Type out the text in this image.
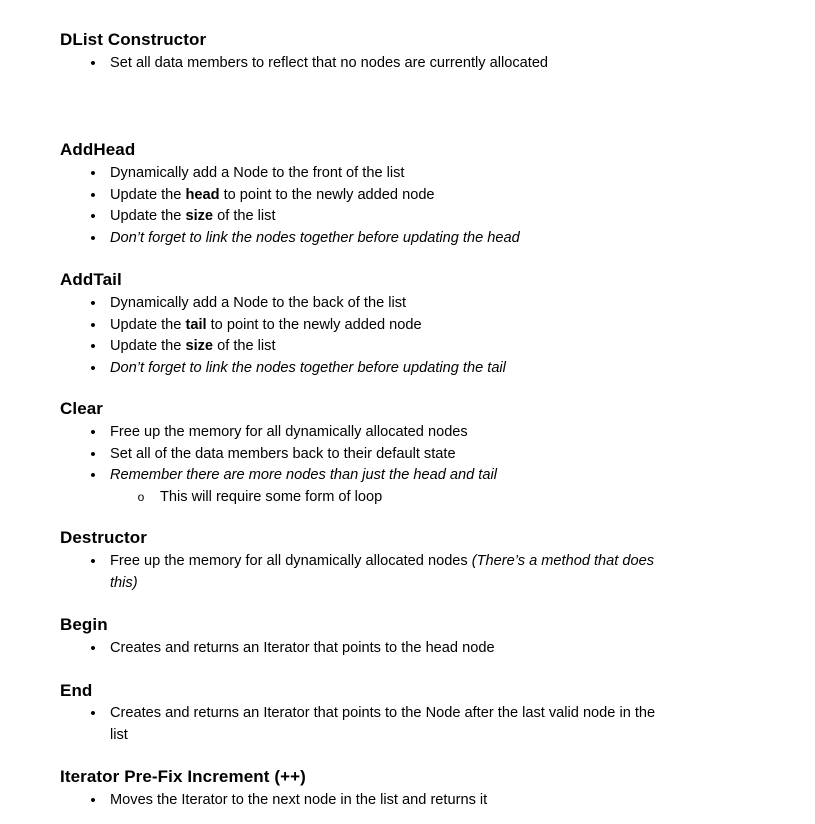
DList Constructor
•
Set all data members to reflect that no nodes are currently allocated
AddHead
•
Dynamically add a Node to the front of the list
•
Update the head to point to the newly added node
•
Update the size of the list
•
Don’t forget to link the nodes together before updating the head
AddTail
•
Dynamically add a Node to the back of the list
•
Update the tail to point to the newly added node
•
Update the size of the list
•
Don’t forget to link the nodes together before updating the tail
Clear
•
Free up the memory for all dynamically allocated nodes
•
Set all of the data members back to their default state
•
Remember there are more nodes than just the head and tail
o
This will require some form of loop
Destructor
•
Free up the memory for all dynamically allocated nodes (There’s a method that does this)
Begin
•
Creates and returns an Iterator that points to the head node
End
•
Creates and returns an Iterator that points to the Node after the last valid node in the list
Iterator Pre-Fix Increment (++)
•
Moves the Iterator to the next node in the list and returns it
